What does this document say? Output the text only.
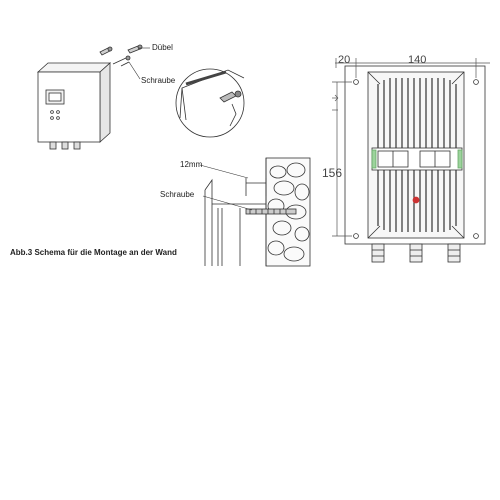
Dübel
Schraube
12mm
Schraube
20	140
156
Abb.3 Schema für die Montage an der Wand
